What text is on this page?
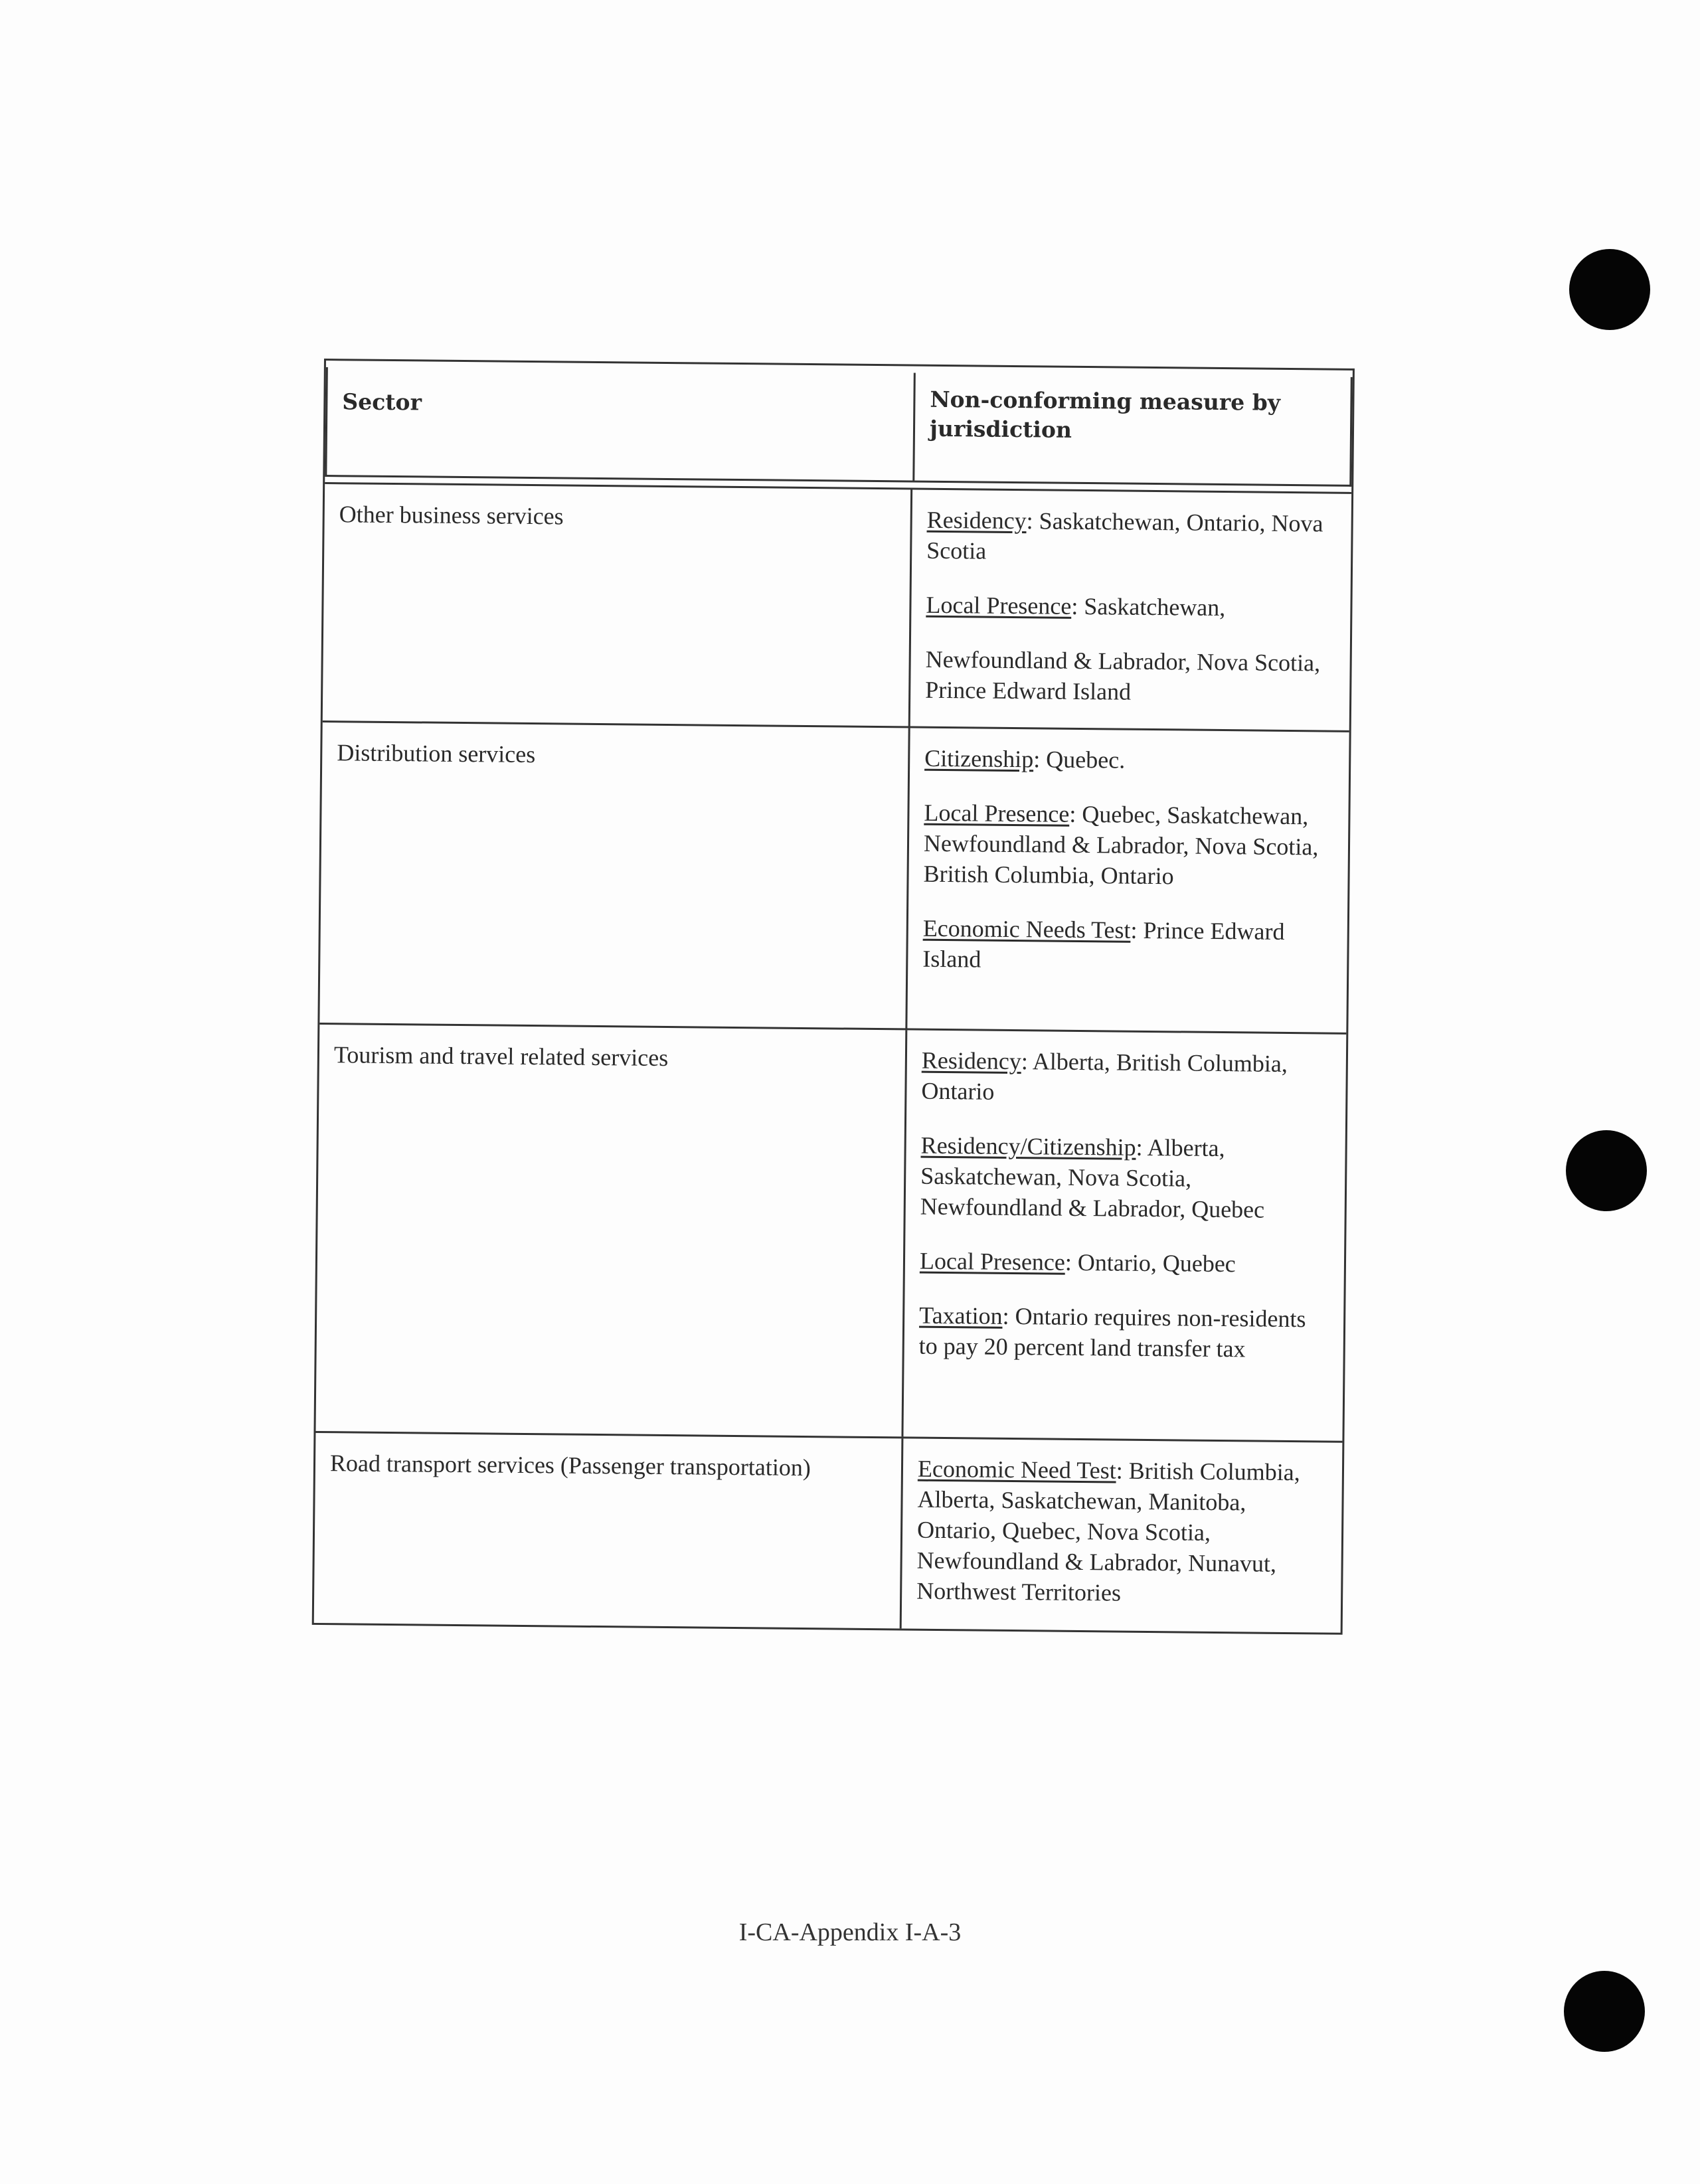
Sector	Non-conforming measure by jurisdiction
Other business services	Residency: Saskatchewan, Ontario, Nova Scotia

Local Presence: Saskatchewan,

Newfoundland & Labrador, Nova Scotia, Prince Edward Island

Distribution services	Citizenship: Quebec.

Local Presence: Quebec, Saskatchewan, Newfoundland & Labrador, Nova Scotia, British Columbia, Ontario

Economic Needs Test: Prince Edward Island

Tourism and travel related services	Residency: Alberta, British Columbia, Ontario

Residency/Citizenship: Alberta, Saskatchewan, Nova Scotia, Newfoundland & Labrador, Quebec

Local Presence: Ontario, Quebec

Taxation: Ontario requires non-residents to pay 20 percent land transfer tax

Road transport services (Passenger transportation)	Economic Need Test: British Columbia, Alberta, Saskatchewan, Manitoba, Ontario, Quebec, Nova Scotia, Newfoundland & Labrador, Nunavut, Northwest Territories

I-CA-Appendix I-A-3
